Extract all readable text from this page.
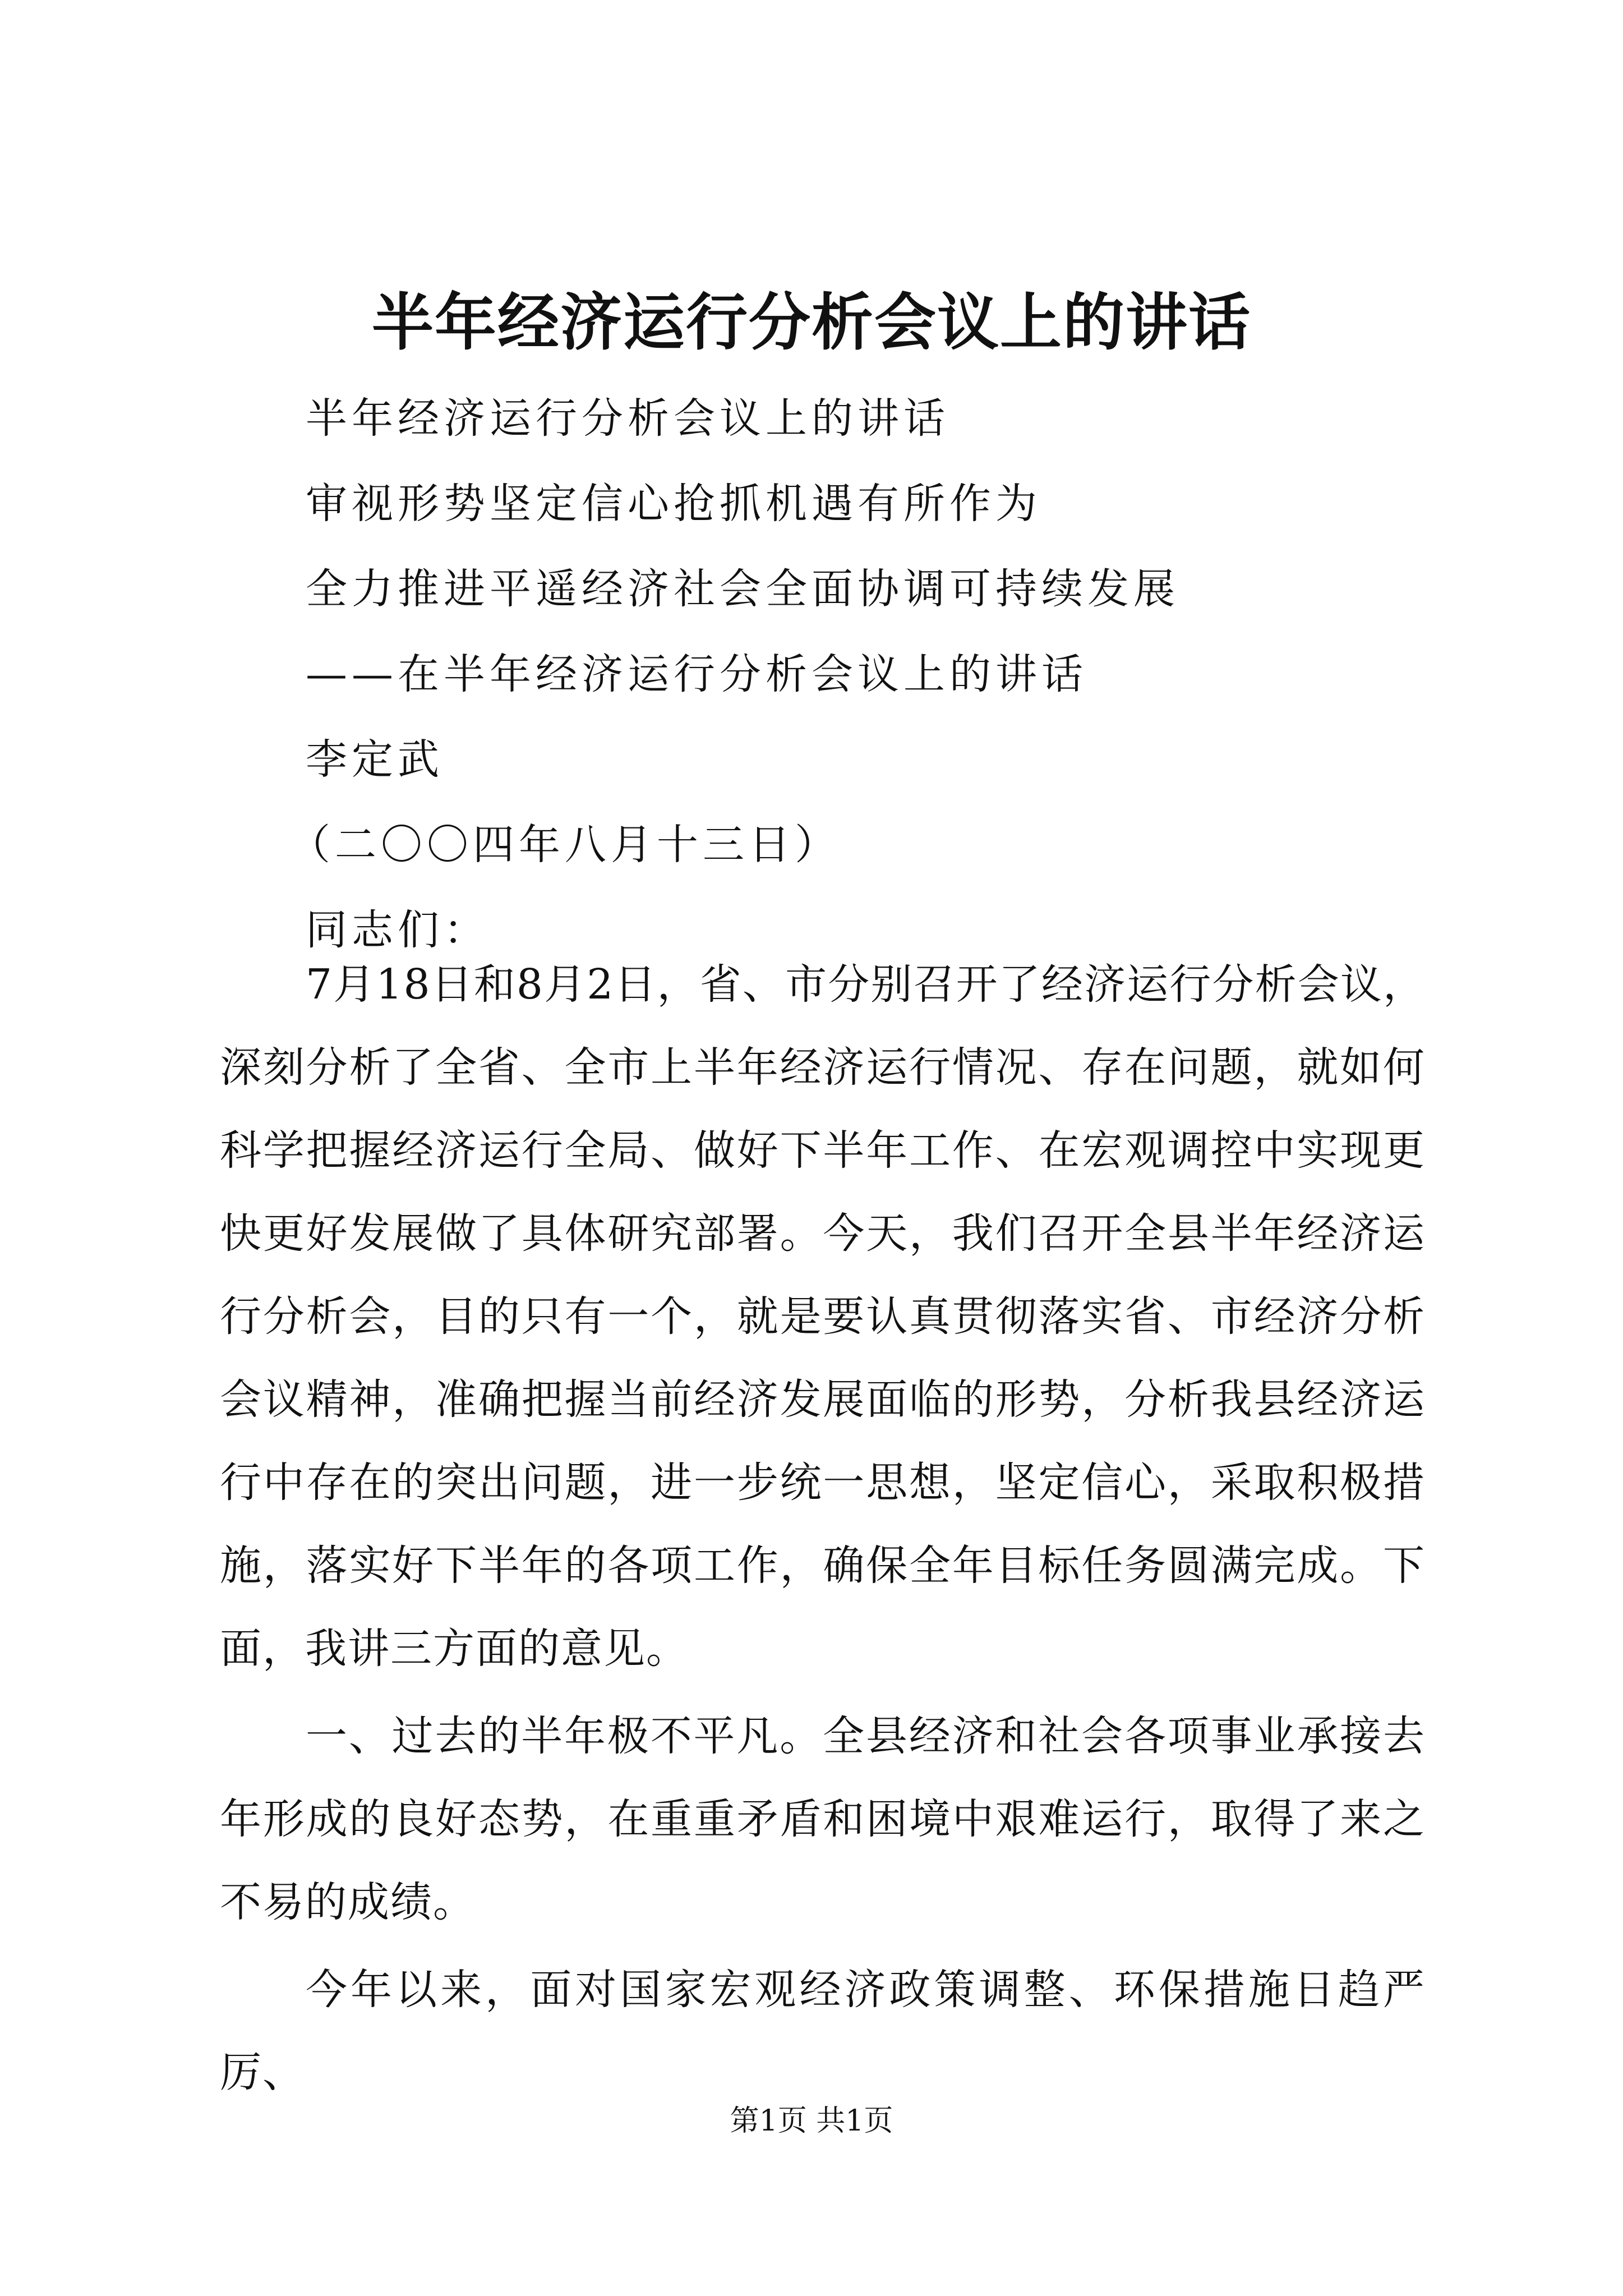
半年经济运行分析会议上的讲话
半年经济运行分析会议上的讲话
审视形势坚定信心抢抓机遇有所作为
全力推进平遥经济社会全面协调可持续发展
——在半年经济运行分析会议上的讲话
李定武
（二〇〇四年八月十三日）
同志们：

7月18日和8月2日，省、市分别召开了经济运行分析会议，深刻分析了全省、全市上半年经济运行情况、存在问题，就如何科学把握经济运行全局、做好下半年工作、在宏观调控中实现更快更好发展做了具体研究部署。今天，我们召开全县半年经济运行分析会，目的只有一个，就是要认真贯彻落实省、市经济分析会议精神，准确把握当前经济发展面临的形势，分析我县经济运行中存在的突出问题，进一步统一思想，坚定信心，采取积极措施，落实好下半年的各项工作，确保全年目标任务圆满完成。下面，我讲三方面的意见。

一、过去的半年极不平凡。全县经济和社会各项事业承接去年形成的良好态势，在重重矛盾和困境中艰难运行，取得了来之不易的成绩。

今年以来，面对国家宏观经济政策调整、环保措施日趋严厉、

第1页 共1页
